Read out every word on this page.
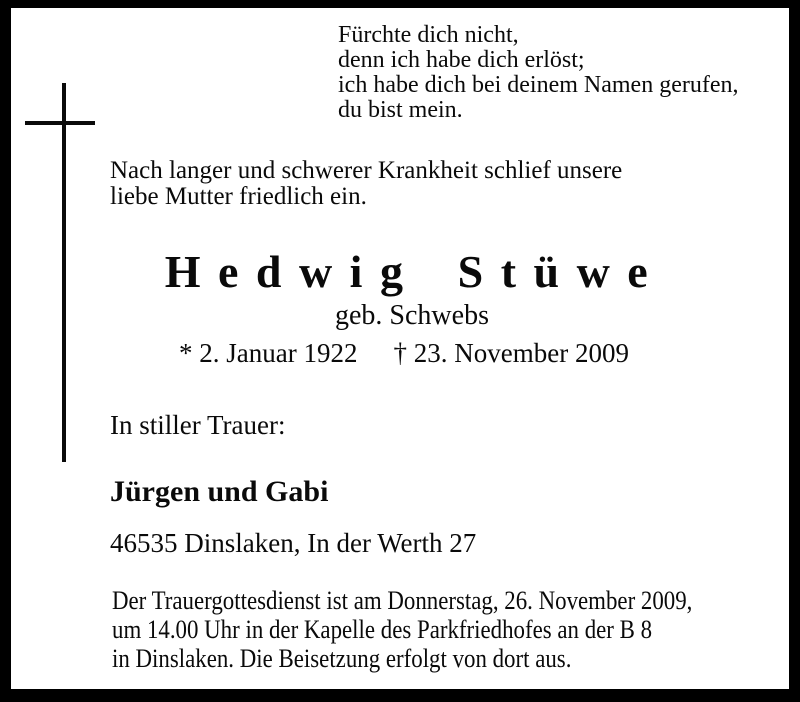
Fürchte dich nicht,
denn ich habe dich erlöst;
ich habe dich bei deinem Namen gerufen,
du bist mein.
Nach langer und schwerer Krankheit schlief unsere
liebe Mutter friedlich ein.
Hedwig Stüwe
geb. Schwebs
* 2. Januar 1922 † 23. November 2009
In stiller Trauer:
Jürgen und Gabi
46535 Dinslaken, In der Werth 27
Der Trauergottesdienst ist am Donnerstag, 26. November 2009,
um 14.00 Uhr in der Kapelle des Parkfriedhofes an der B 8
in Dinslaken. Die Beisetzung erfolgt von dort aus.
